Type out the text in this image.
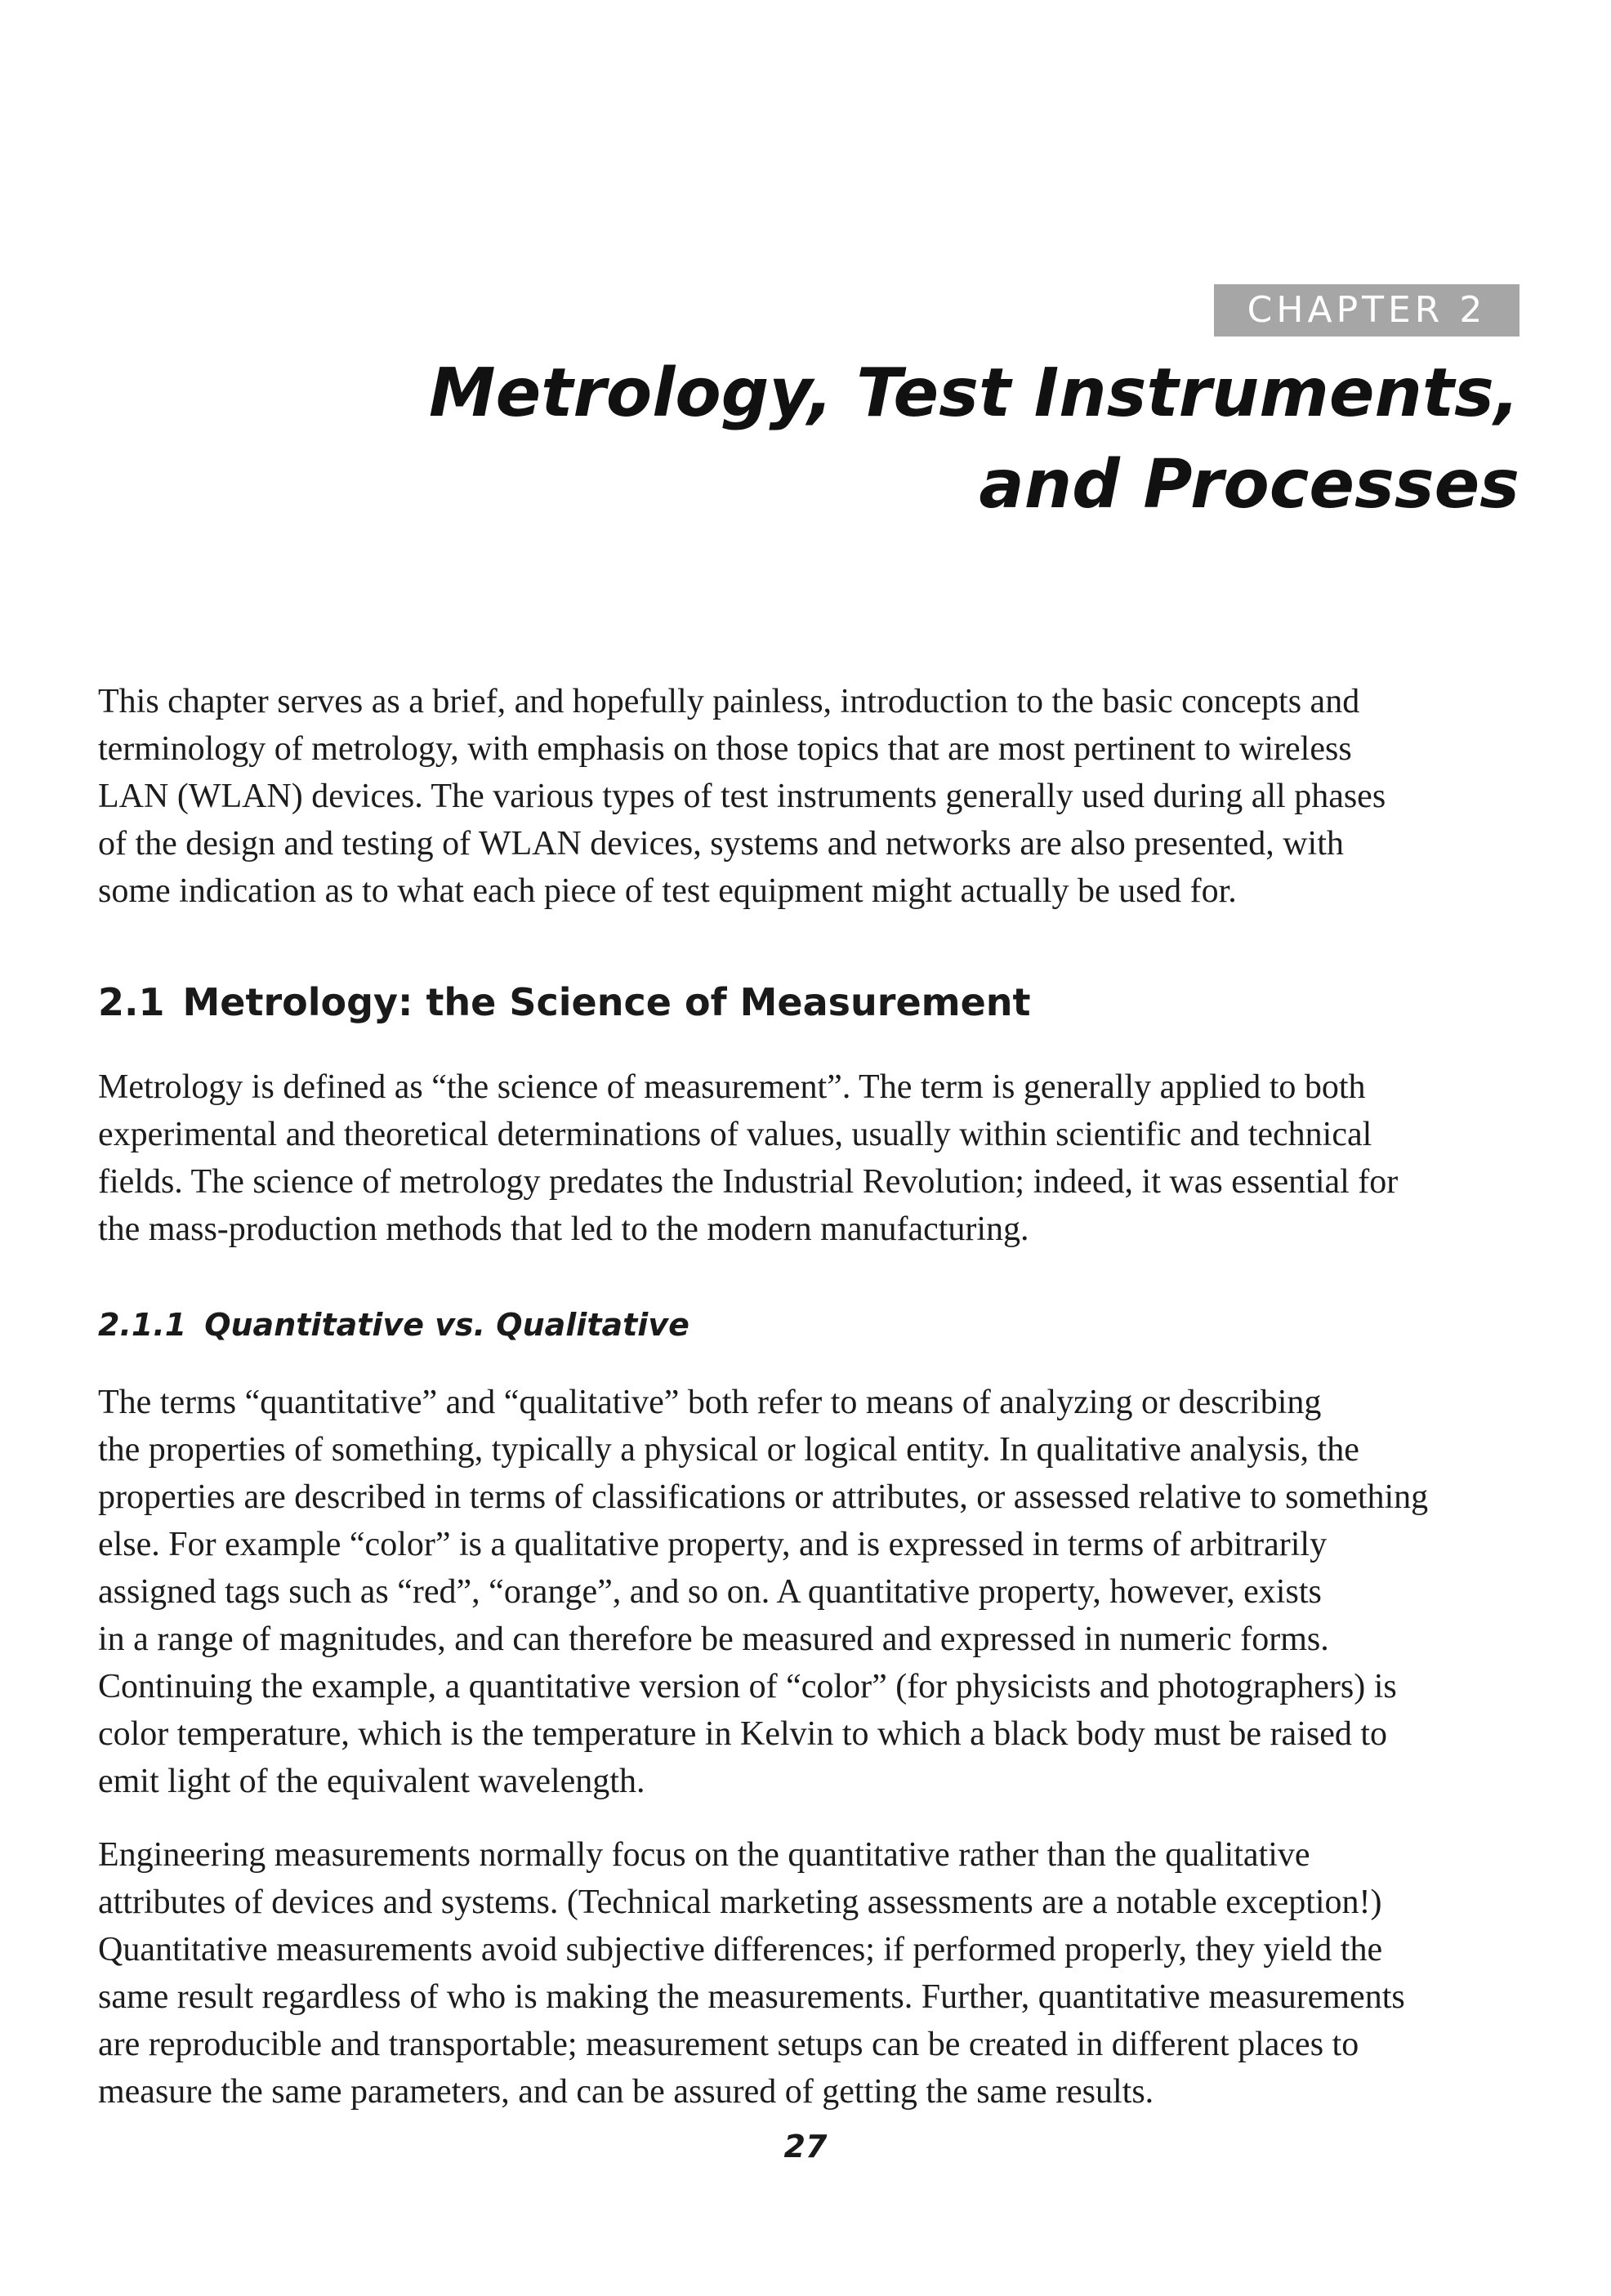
CHAPTER 2
Metrology, Test Instruments,
and Processes

This chapter serves as a brief, and hopefully painless, introduction to the basic concepts and
terminology of metrology, with emphasis on those topics that are most pertinent to wireless
LAN (WLAN) devices. The various types of test instruments generally used during all phases
of the design and testing of WLAN devices, systems and networks are also presented, with
some indication as to what each piece of test equipment might actually be used for.

2.1 Metrology: the Science of Measurement

Metrology is defined as “the science of measurement”. The term is generally applied to both
experimental and theoretical determinations of values, usually within scientific and technical
fields. The science of metrology predates the Industrial Revolution; indeed, it was essential for
the mass-production methods that led to the modern manufacturing.

2.1.1 Quantitative vs. Qualitative

The terms “quantitative” and “qualitative” both refer to means of analyzing or describing
the properties of something, typically a physical or logical entity. In qualitative analysis, the
properties are described in terms of classifications or attributes, or assessed relative to something
else. For example “color” is a qualitative property, and is expressed in terms of arbitrarily
assigned tags such as “red”, “orange”, and so on. A quantitative property, however, exists
in a range of magnitudes, and can therefore be measured and expressed in numeric forms.
Continuing the example, a quantitative version of “color” (for physicists and photographers) is
color temperature, which is the temperature in Kelvin to which a black body must be raised to
emit light of the equivalent wavelength.

Engineering measurements normally focus on the quantitative rather than the qualitative
attributes of devices and systems. (Technical marketing assessments are a notable exception!)
Quantitative measurements avoid subjective differences; if performed properly, they yield the
same result regardless of who is making the measurements. Further, quantitative measurements
are reproducible and transportable; measurement setups can be created in different places to
measure the same parameters, and can be assured of getting the same results.

27
